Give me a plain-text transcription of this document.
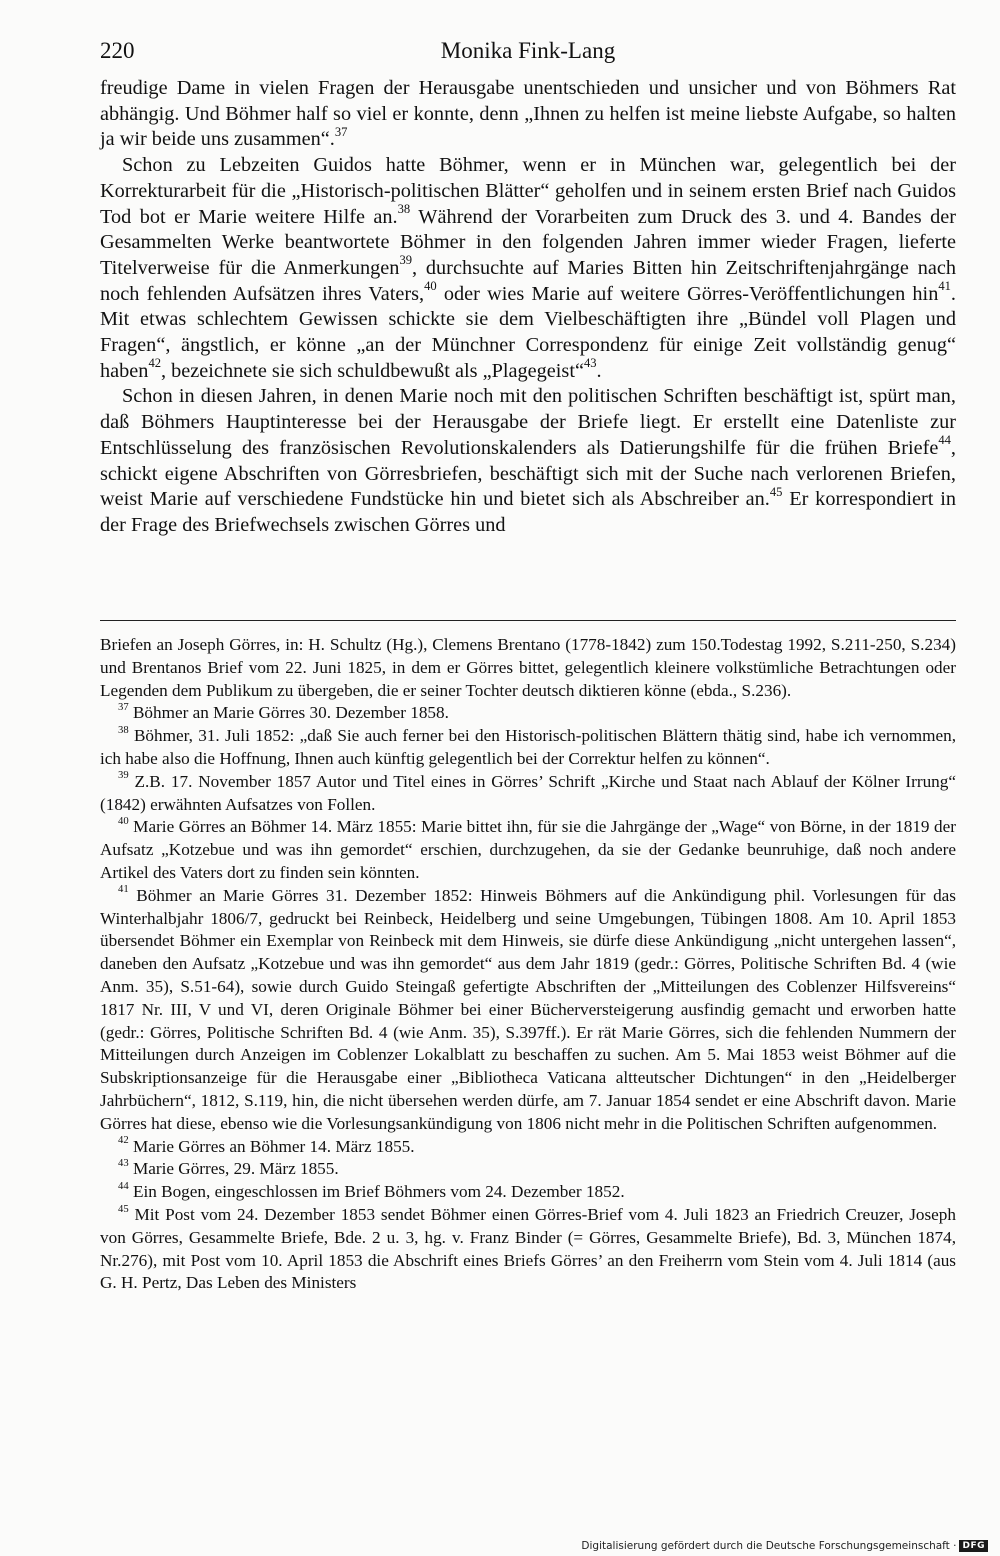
220	Monika Fink-Lang

freudige Dame in vielen Fragen der Herausgabe unentschieden und unsicher und von Böhmers Rat abhängig. Und Böhmer half so viel er konnte, denn „Ihnen zu helfen ist meine liebste Aufgabe, so halten ja wir beide uns zusammen“.$^{37}$

Schon zu Lebzeiten Guidos hatte Böhmer, wenn er in München war, gelegentlich bei der Korrekturarbeit für die „Historisch-politischen Blätter“ geholfen und in seinem ersten Brief nach Guidos Tod bot er Marie weitere Hilfe an.$^{38}$ Während der Vorarbeiten zum Druck des 3. und 4. Bandes der Gesammelten Werke beantwortete Böhmer in den folgenden Jahren immer wieder Fragen, lieferte Titelverweise für die Anmerkungen$^{39}$, durchsuchte auf Maries Bitten hin Zeitschriftenjahrgänge nach noch fehlenden Aufsätzen ihres Vaters,$^{40}$ oder wies Marie auf weitere Görres-Veröffentlichungen hin$^{41}$. Mit etwas schlechtem Gewissen schickte sie dem Vielbeschäftigten ihre „Bündel voll Plagen und Fragen“, ängstlich, er könne „an der Münchner Correspondenz für einige Zeit vollständig genug“ haben$^{42}$, bezeichnete sie sich schuldbewußt als „Plagegeist“$^{43}$.

Schon in diesen Jahren, in denen Marie noch mit den politischen Schriften beschäftigt ist, spürt man, daß Böhmers Hauptinteresse bei der Herausgabe der Briefe liegt. Er erstellt eine Datenliste zur Entschlüsselung des französischen Revolutionskalenders als Datierungshilfe für die frühen Briefe$^{44}$, schickt eigene Abschriften von Görresbriefen, beschäftigt sich mit der Suche nach verlorenen Briefen, weist Marie auf verschiedene Fundstücke hin und bietet sich als Abschreiber an.$^{45}$ Er korrespondiert in der Frage des Briefwechsels zwischen Görres und

Briefen an Joseph Görres, in: H. Schultz (Hg.), Clemens Brentano (1778-1842) zum 150.Todestag 1992, S.211-250, S.234) und Brentanos Brief vom 22. Juni 1825, in dem er Görres bittet, gelegentlich kleinere volkstümliche Betrachtungen oder Legenden dem Publikum zu übergeben, die er seiner Tochter deutsch diktieren könne (ebda., S.236).

$^{37}$ Böhmer an Marie Görres 30. Dezember 1858.

$^{38}$ Böhmer, 31. Juli 1852: „daß Sie auch ferner bei den Historisch-politischen Blättern thätig sind, habe ich vernommen, ich habe also die Hoffnung, Ihnen auch künftig gelegentlich bei der Correktur helfen zu können“.

$^{39}$ Z.B. 17. November 1857 Autor und Titel eines in Görres’ Schrift „Kirche und Staat nach Ablauf der Kölner Irrung“ (1842) erwähnten Aufsatzes von Follen.

$^{40}$ Marie Görres an Böhmer 14. März 1855: Marie bittet ihn, für sie die Jahrgänge der „Wage“ von Börne, in der 1819 der Aufsatz „Kotzebue und was ihn gemordet“ erschien, durchzugehen, da sie der Gedanke beunruhige, daß noch andere Artikel des Vaters dort zu finden sein könnten.

$^{41}$ Böhmer an Marie Görres 31. Dezember 1852: Hinweis Böhmers auf die Ankündigung phil. Vorlesungen für das Winterhalbjahr 1806/7, gedruckt bei Reinbeck, Heidelberg und seine Umgebungen, Tübingen 1808. Am 10. April 1853 übersendet Böhmer ein Exemplar von Reinbeck mit dem Hinweis, sie dürfe diese Ankündigung „nicht untergehen lassen“, daneben den Aufsatz „Kotzebue und was ihn gemordet“ aus dem Jahr 1819 (gedr.: Görres, Politische Schriften Bd. 4 (wie Anm. 35), S.51-64), sowie durch Guido Steingaß gefertigte Abschriften der „Mitteilungen des Coblenzer Hilfsvereins“ 1817 Nr. III, V und VI, deren Originale Böhmer bei einer Bücherversteigerung ausfindig gemacht und erworben hatte (gedr.: Görres, Politische Schriften Bd. 4 (wie Anm. 35), S.397ff.). Er rät Marie Görres, sich die fehlenden Nummern der Mitteilungen durch Anzeigen im Coblenzer Lokalblatt zu beschaffen zu suchen. Am 5. Mai 1853 weist Böhmer auf die Subskriptionsanzeige für die Herausgabe einer „Bibliotheca Vaticana altteutscher Dichtungen“ in den „Heidelberger Jahrbüchern“, 1812, S.119, hin, die nicht übersehen werden dürfe, am 7. Januar 1854 sendet er eine Abschrift davon. Marie Görres hat diese, ebenso wie die Vorlesungsankündigung von 1806 nicht mehr in die Politischen Schriften aufgenommen.

$^{42}$ Marie Görres an Böhmer 14. März 1855.

$^{43}$ Marie Görres, 29. März 1855.

$^{44}$ Ein Bogen, eingeschlossen im Brief Böhmers vom 24. Dezember 1852.

$^{45}$ Mit Post vom 24. Dezember 1853 sendet Böhmer einen Görres-Brief vom 4. Juli 1823 an Friedrich Creuzer, Joseph von Görres, Gesammelte Briefe, Bde. 2 u. 3, hg. v. Franz Binder (= Görres, Gesammelte Briefe), Bd. 3, München 1874, Nr.276), mit Post vom 10. April 1853 die Abschrift eines Briefs Görres’ an den Freiherrn vom Stein vom 4. Juli 1814 (aus G. H. Pertz, Das Leben des Ministers

Digitalisierung gefördert durch die Deutsche Forschungsgemeinschaft · DFG
